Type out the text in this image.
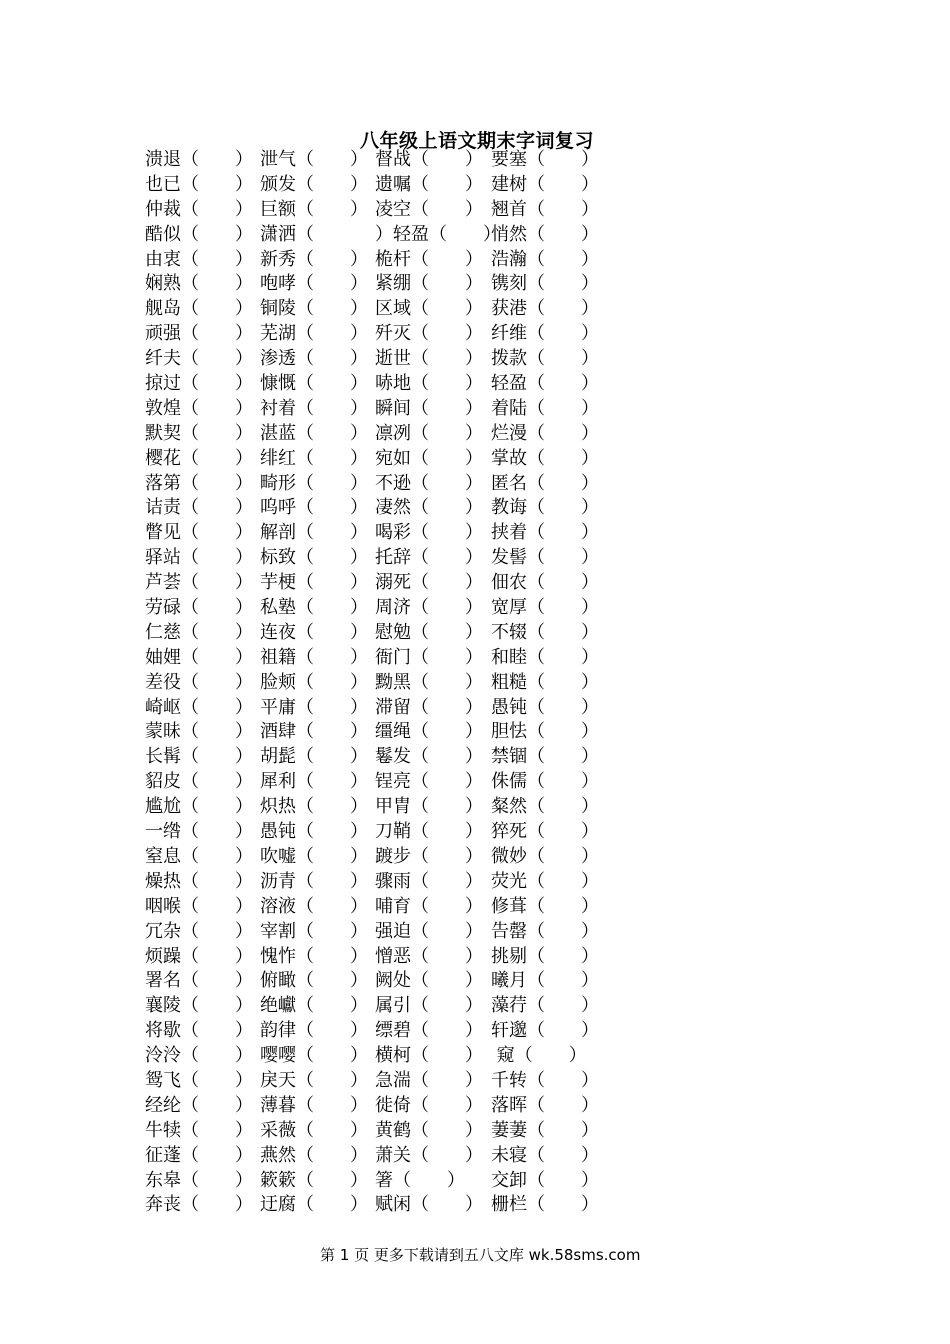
八年级上语文期末字词复习
溃退（　　） 泄气（　　） 督战（　　） 要塞（　　）
也已（　　） 颁发（　　） 遗嘱（　　） 建树（　　）
仲裁（　　） 巨额（　　） 凌空（　　） 翘首（　　）
酷似（　　） 潇洒（　　 ）轻盈（　　）
悄然（　　）
由衷（　　） 新秀（　　） 桅杆（　　） 浩瀚（　　）
娴熟（　　） 咆哮（　　） 紧绷（　　） 镌刻（　　）
舰岛（　　） 铜陵（　　） 区域（　　） 获港（　　）
顽强（　　） 芜湖（　　） 歼灭（　　） 纤维（　　）
纤夫（　　） 渗透（　　） 逝世（　　） 拨款（　　）
掠过（　　） 慷慨（　　） 哧地（　　） 轻盈（　　）
敦煌（　　） 衬着（　　） 瞬间（　　） 着陆（　　）
默契（　　） 湛蓝（　　） 凛冽（　　） 烂漫（　　）
樱花（　　） 绯红（　　） 宛如（　　） 掌故（　　）
落第（　　） 畸形（　　） 不逊（　　） 匿名（　　）
诘责（　　） 呜呼（　　） 凄然（　　） 教诲（　　）
瞥见（　　） 解剖（　　） 喝彩（　　） 挟着（　　）
驿站（　　） 标致（　　） 托辞（　　） 发髻（　　）
芦荟（　　） 芋梗（　　） 溺死（　　） 佃农（　　）
劳碌（　　） 私塾（　　） 周济（　　） 宽厚（　　）
仁慈（　　） 连夜（　　） 慰勉（　　） 不辍（　　）
妯娌（　　） 祖籍（　　） 衙门（　　） 和睦（　　）
差役（　　） 脸颊（　　） 黝黑（　　） 粗糙（　　）
崎岖（　　） 平庸（　　） 滞留（　　） 愚钝（　　）
蒙昧（　　） 酒肆（　　） 缰绳（　　） 胆怯（　　）
长髯（　　） 胡髭（　　） 鬈发（　　） 禁锢（　　）
貂皮（　　） 犀利（　　） 锃亮（　　） 侏儒（　　）
尴尬（　　） 炽热（　　） 甲胄（　　） 粲然（　　）
一绺（　　） 愚钝（　　） 刀鞘（　　） 猝死（　　）
窒息（　　） 吹嘘（　　） 踱步（　　） 微妙（　　）
燥热（　　） 沥青（　　） 骤雨（　　） 荧光（　　）
咽喉（　　） 溶液（　　） 哺育（　　） 修葺（　　）
冗杂（　　） 宰割（　　） 强迫（　　） 告罄（　　）
烦躁（　　） 愧怍（　　） 憎恶（　　） 挑剔（　　）
署名（　　） 俯瞰（　　） 阙处（　　） 曦月（　　）
襄陵（　　） 绝巘（　　） 属引（　　） 藻荇（　　）
将歇（　　） 韵律（　　） 缥碧（　　） 轩邈（　　）
泠泠（　　） 嘤嘤（　　） 横柯（　　） 窥（　　）
鸳飞（　　） 戾天（　　） 急湍（　　） 千转（　　）
经纶（　　） 薄暮（　　） 徙倚（　　） 落晖（　　）
牛犊（　　） 采薇（　　） 黄鹤（　　） 萋萋（　　）
征蓬（　　） 燕然（　　） 萧关（　　） 未寝（　　）
东皋（　　） 簌簌（　　） 箸（　　） 交卸（　　）
奔丧（　　） 迂腐（　　） 赋闲（　　） 栅栏（　　）
第 1 页 更多下载请到五八文库 wk.58sms.com
